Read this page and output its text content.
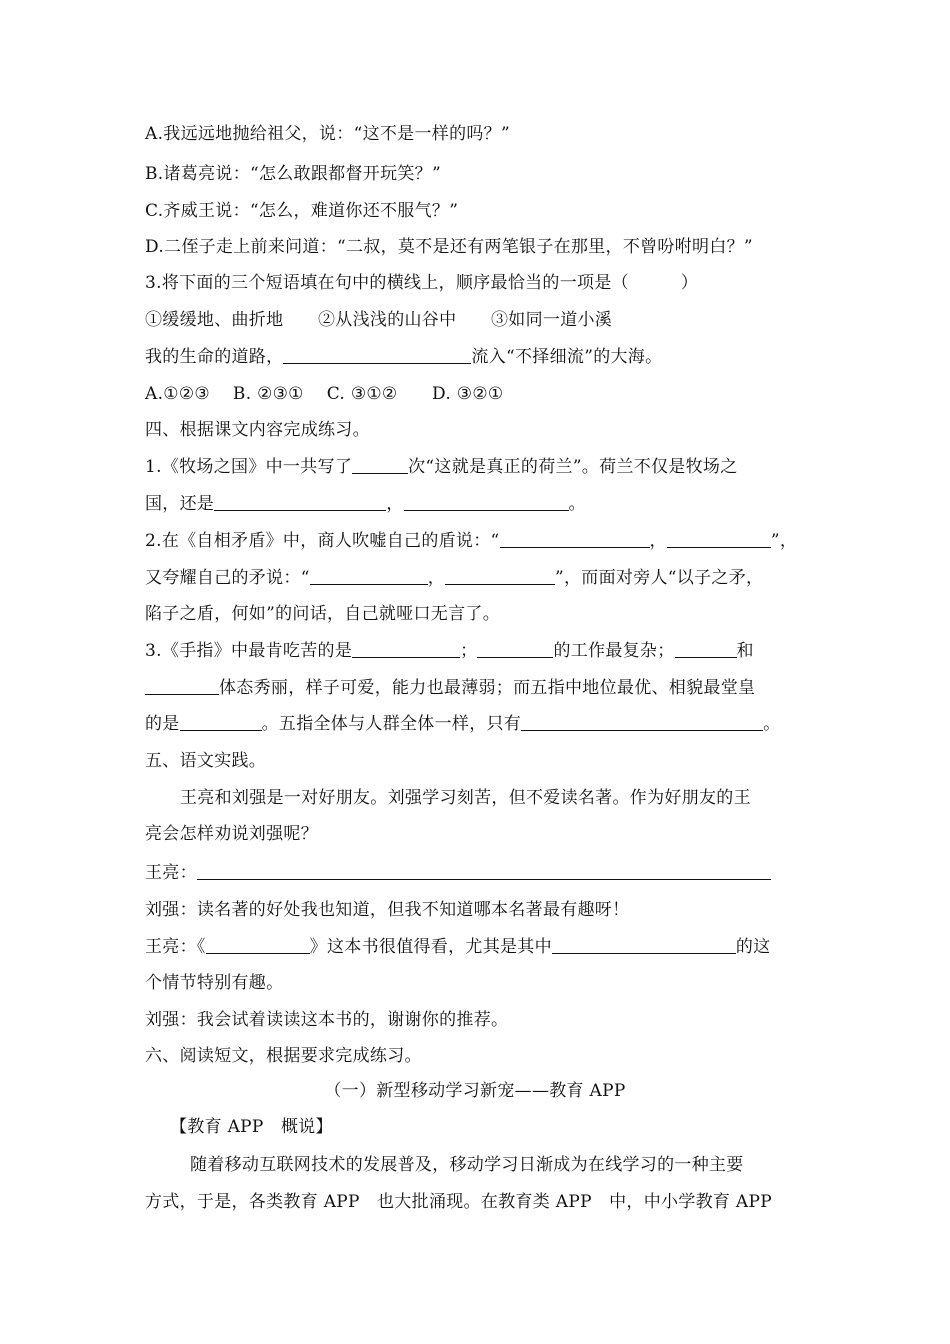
A.我远远地抛给祖父，说：“这不是一样的吗？”
B.诸葛亮说：“怎么敢跟都督开玩笑？”
C.齐威王说：“怎么，难道你还不服气？”
D.二侄子走上前来问道：“二叔，莫不是还有两笔银子在那里，不曾吩咐明白？”
3.将下面的三个短语填在句中的横线上，顺序最恰当的一项是（	）
①缓缓地、曲折地　　②从浅浅的山谷中　　③如同一道小溪
我的生命的道路，	流入“不择细流”的大海。
A.①②③　 B. ②③①　 C. ③①②　　D. ③②①
四、根据课文内容完成练习。
1.《牧场之国》中一共写了	次“这就是真正的荷兰”。荷兰不仅是牧场之
国，还是	，	。
2.在《自相矛盾》中，商人吹嘘自己的盾说：“	，	”，
又夸耀自己的矛说：“	，	”，而面对旁人“以子之矛，
陷子之盾，何如”的问话，自己就哑口无言了。
3.《手指》中最肯吃苦的是	；	的工作最复杂；	和
体态秀丽，样子可爱，能力也最薄弱；而五指中地位最优、相貌最堂皇
的是	。五指全体与人群全体一样，只有	。
五、语文实践。
王亮和刘强是一对好朋友。刘强学习刻苦，但不爱读名著。作为好朋友的王
亮会怎样劝说刘强呢？
王亮：
刘强：读名著的好处我也知道，但我不知道哪本名著最有趣呀！
王亮：《	》这本书很值得看，尤其是其中	的这
个情节特别有趣。
刘强：我会试着读读这本书的，谢谢你的推荐。
六、阅读短文，根据要求完成练习。
（一）新型移动学习新宠——教育 APP
【教育 APP　概说】
随着移动互联网技术的发展普及，移动学习日渐成为在线学习的一种主要
方式，于是，各类教育 APP　也大批涌现。在教育类 APP　中，中小学教育 APP
